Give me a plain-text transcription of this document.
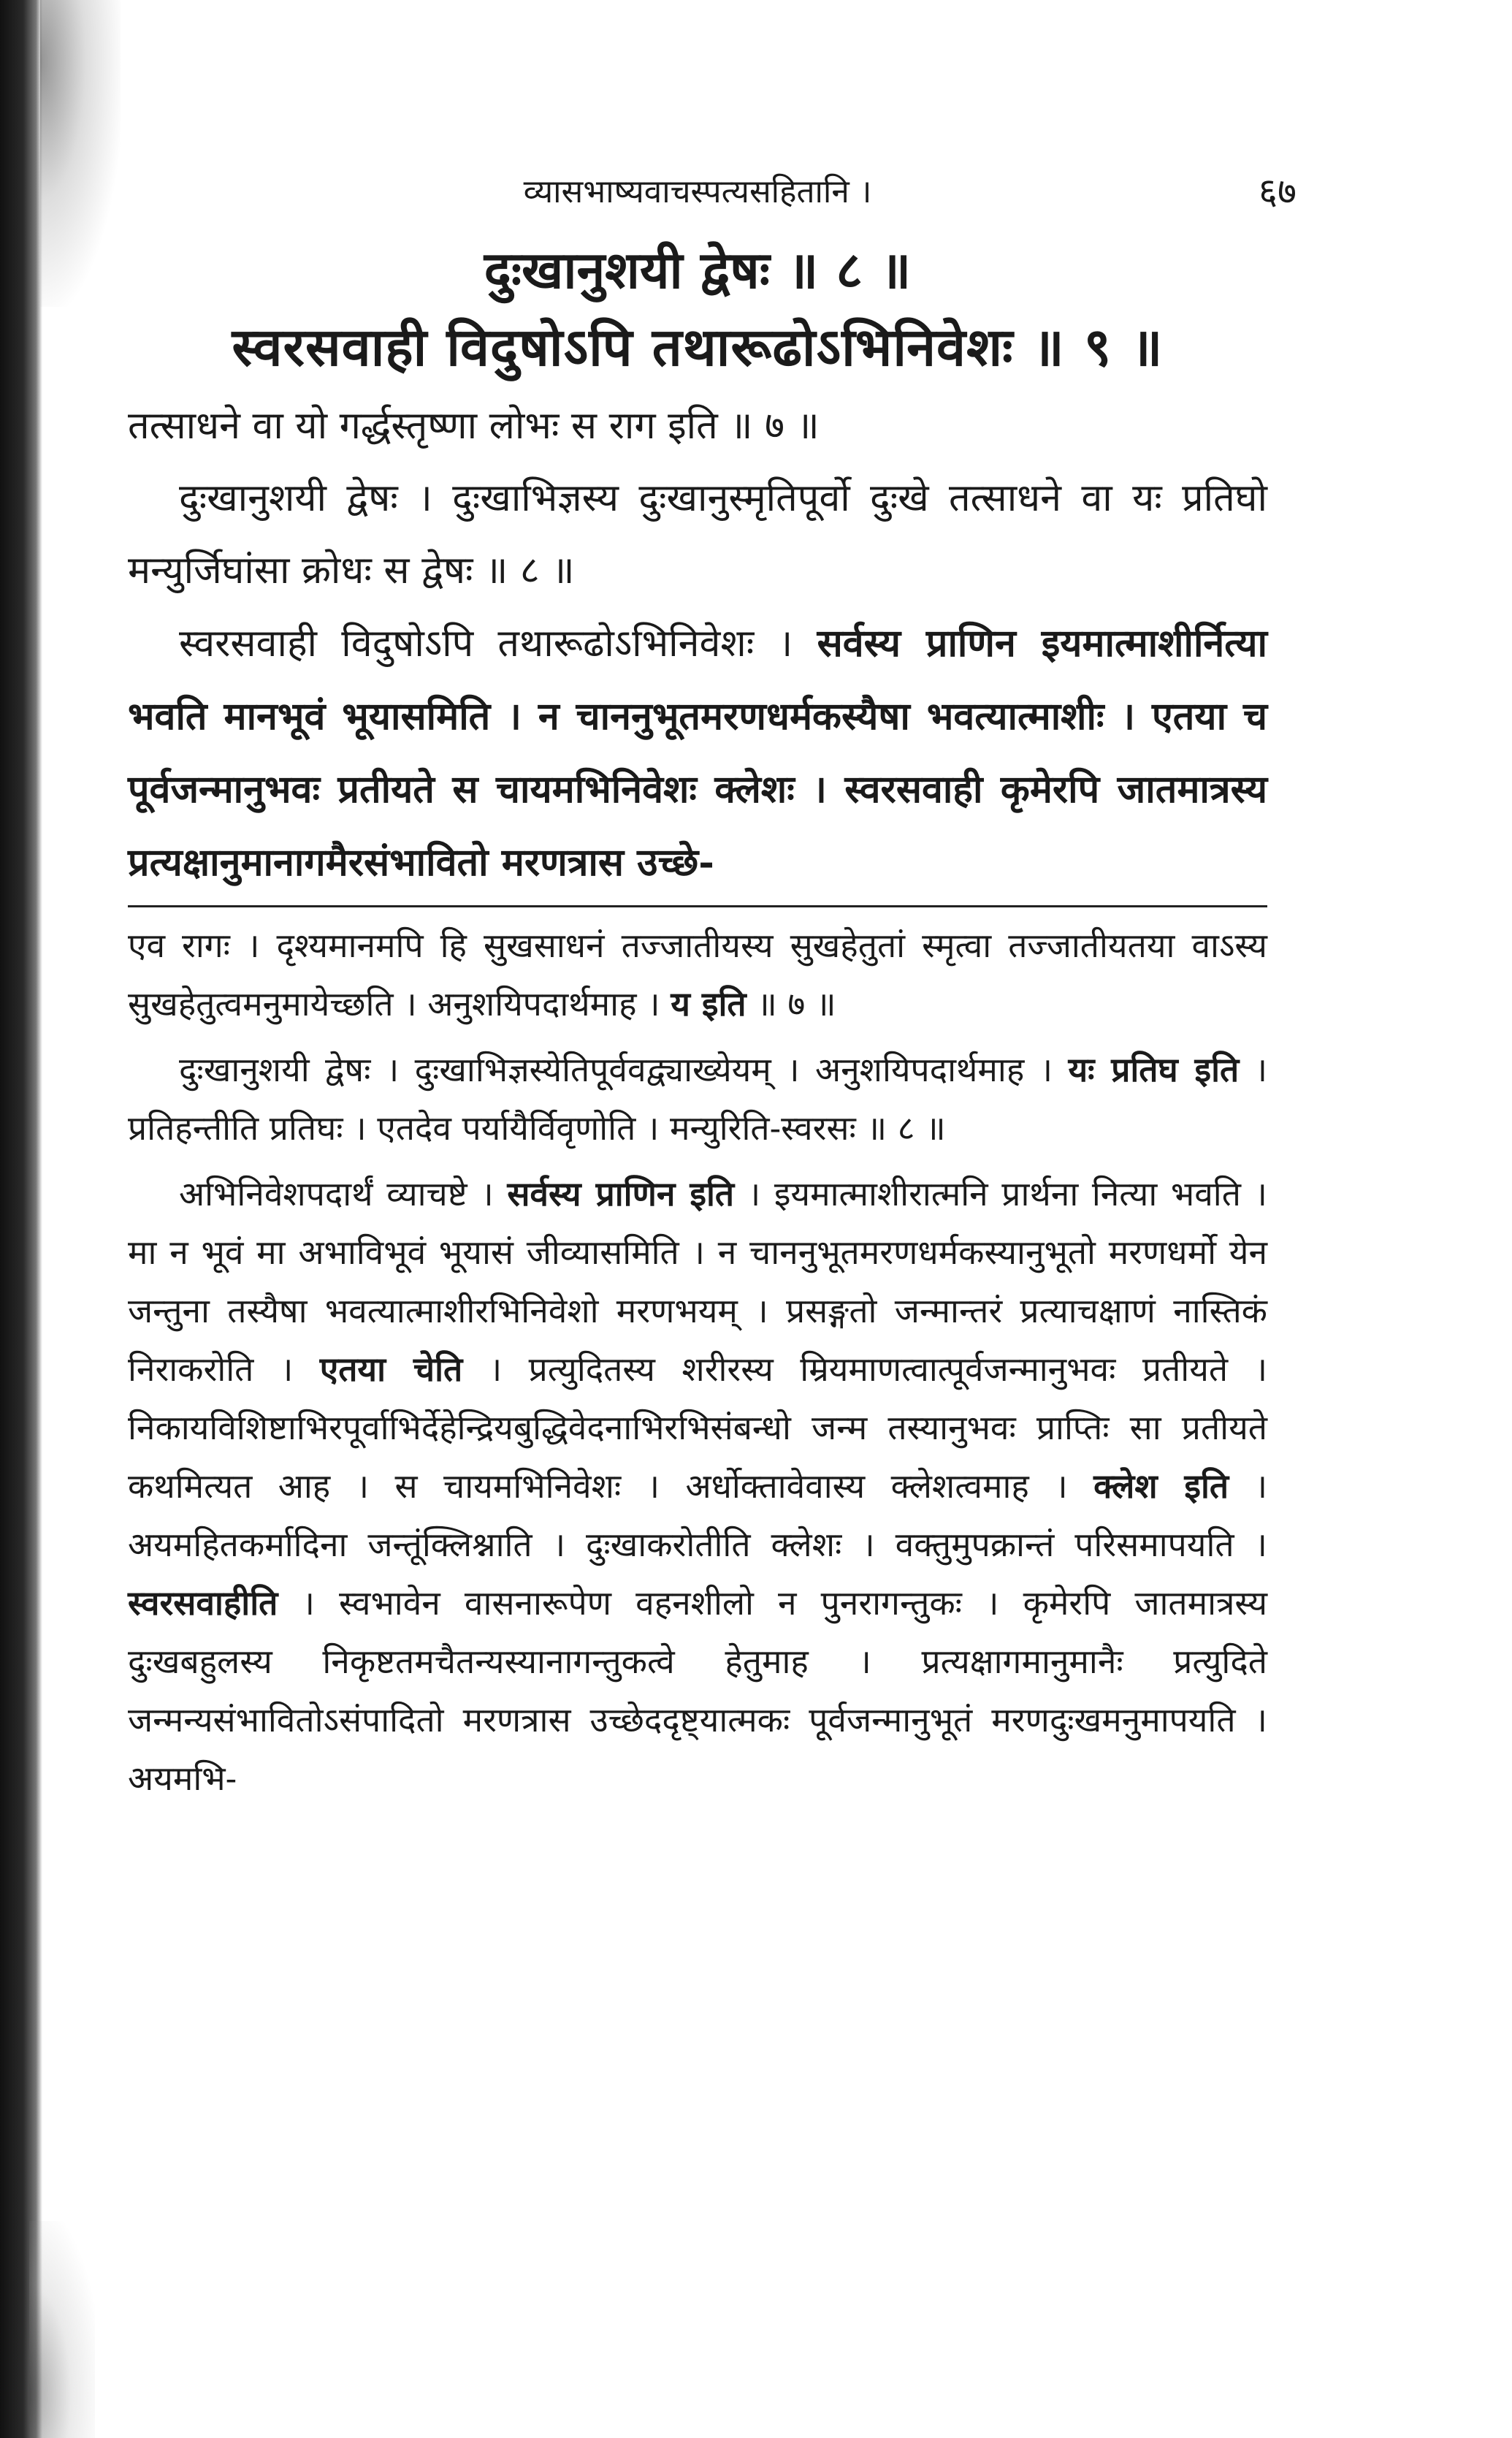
व्यासभाष्यवाचस्पत्यसहितानि ।	६७

दुःखानुशयी द्वेषः ॥ ८ ॥

स्वरसवाही विदुषोऽपि तथारूढोऽभिनिवेशः ॥ ९ ॥

तत्साधने वा यो गर्द्धस्तृष्णा लोभः स राग इति ॥ ७ ॥

दुःखानुशयी द्वेषः । दुःखाभिज्ञस्य दुःखानुस्मृतिपूर्वो दुःखे तत्साधने वा यः प्रतिघो मन्युर्जिघांसा क्रोधः स द्वेषः ॥ ८ ॥

स्वरसवाही विदुषोऽपि तथारूढोऽभिनिवेशः । सर्वस्य प्राणिन इयमात्माशीर्नित्या भवति मानभूवं भूयासमिति । न चाननुभूतमरणधर्मकस्यैषा भवत्यात्माशीः । एतया च पूर्वजन्मानुभवः प्रतीयते स चायमभिनिवेशः क्लेशः । स्वरसवाही कृमेरपि जातमात्रस्य प्रत्यक्षानुमानागमैरसंभावितो मरणत्रास उच्छे-

एव रागः । दृश्यमानमपि हि सुखसाधनं तज्जातीयस्य सुखहेतुतां स्मृत्वा तज्जातीयतया वाऽस्य सुखहेतुत्वमनुमायेच्छति । अनुशयिपदार्थमाह । य इति ॥ ७ ॥

दुःखानुशयी द्वेषः । दुःखाभिज्ञस्येतिपूर्ववद्व्याख्येयम् । अनुशयिपदार्थमाह । यः प्रतिघ इति । प्रतिहन्तीति प्रतिघः । एतदेव पर्यायैर्विवृणोति । मन्युरिति-स्वरसः ॥ ८ ॥

अभिनिवेशपदार्थं व्याचष्टे । सर्वस्य प्राणिन इति । इयमात्माशीरात्मनि प्रार्थना नित्या भवति । मा न भूवं मा अभाविभूवं भूयासं जीव्यासमिति । न चाननुभूतमरणधर्मकस्यानुभूतो मरणधर्मो येन जन्तुना तस्यैषा भवत्यात्माशीरभिनिवेशो मरणभयम् । प्रसङ्गतो जन्मान्तरं प्रत्याचक्षाणं नास्तिकं निराकरोति । एतया चेति । प्रत्युदितस्य शरीरस्य म्रियमाणत्वात्पूर्वजन्मानुभवः प्रतीयते । निकायविशिष्टाभिरपूर्वाभिर्देहेन्द्रियबुद्धिवेदनाभिरभिसंबन्धो जन्म तस्यानुभवः प्राप्तिः सा प्रतीयते कथमित्यत आह । स चायमभिनिवेशः । अर्धोक्तावेवास्य क्लेशत्वमाह । क्लेश इति । अयमहितकर्मादिना जन्तूंक्लिश्नाति । दुःखाकरोतीति क्लेशः । वक्तुमुपक्रान्तं परिसमापयति । स्वरसवाहीति । स्वभावेन वासनारूपेण वहनशीलो न पुनरागन्तुकः । कृमेरपि जातमात्रस्य दुःखबहुलस्य निकृष्टतमचैतन्यस्यानागन्तुकत्वे हेतुमाह । प्रत्यक्षागमानुमानैः प्रत्युदिते जन्मन्यसंभावितोऽसंपादितो मरणत्रास उच्छेददृष्ट्यात्मकः पूर्वजन्मानुभूतं मरणदुःखमनुमापयति । अयमभि-
